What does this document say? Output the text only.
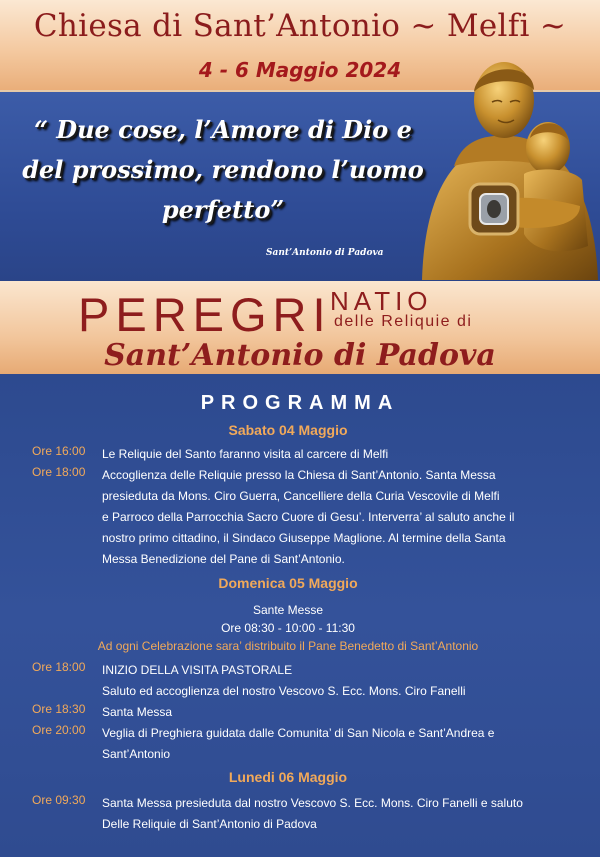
Chiesa di Sant’Antonio ~ Melfi ~
4 - 6 Maggio 2024
“ Due cose, l’Amore di Dio e
del prossimo, rendono l’uomo
perfetto”
Sant’Antonio di Padova
PEREGRI
NATIO
delle Reliquie di
Sant’Antonio di Padova
PROGRAMMA
Sabato 04 Maggio
Ore 16:00	Le Reliquie del Santo faranno visita al carcere di Melfi
Ore 18:00	Accoglienza delle Reliquie presso la Chiesa di Sant’Antonio. Santa Messa
presieduta da Mons. Ciro Guerra, Cancelliere della Curia Vescovile di Melfi
e Parroco della Parrocchia Sacro Cuore di Gesu’. Interverra’ al saluto anche il
nostro primo cittadino, il Sindaco Giuseppe Maglione. Al termine della Santa
Messa Benedizione del Pane di Sant’Antonio.
Domenica 05 Maggio
Sante Messe
Ore 08:30 - 10:00 - 11:30
Ad ogni Celebrazione sara’ distribuito il Pane Benedetto di Sant’Antonio
Ore 18:00	INIZIO DELLA VISITA PASTORALE
Saluto ed accoglienza del nostro Vescovo S. Ecc. Mons. Ciro Fanelli
Ore 18:30	Santa Messa
Ore 20:00	Veglia di Preghiera guidata dalle Comunita’ di San Nicola e Sant’Andrea e
Sant’Antonio
Lunedi 06 Maggio
Ore 09:30	Santa Messa presieduta dal nostro Vescovo S. Ecc. Mons. Ciro Fanelli e saluto
Delle Reliquie di Sant’Antonio di Padova
